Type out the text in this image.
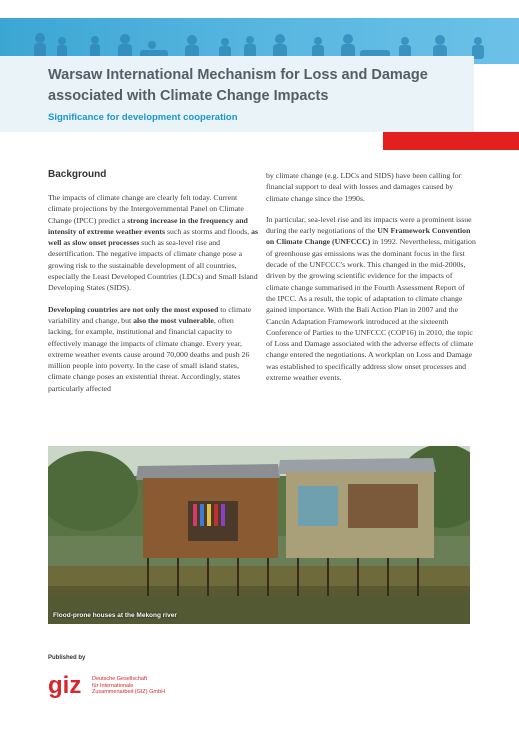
Warsaw International Mechanism for Loss and Damage associated with Climate Change Impacts

Significance for development cooperation

Background

The impacts of climate change are clearly felt today. Current climate projections by the Intergovernmental Panel on Climate Change (IPCC) predict a strong increase in the frequency and intensity of extreme weather events such as storms and floods, as well as slow onset processes such as sea-level rise and desertification. The negative impacts of climate change pose a growing risk to the sustainable development of all countries, especially the Least Developed Countries (LDCs) and Small Island Developing States (SIDS).

Developing countries are not only the most exposed to climate variability and change, but also the most vulnerable, often lacking, for example, institutional and financial capacity to effectively manage the impacts of climate change. Every year, extreme weather events cause around 70,000 deaths and push 26 million people into poverty. In the case of small island states, climate change poses an existential threat. Accordingly, states particularly affected

by climate change (e.g. LDCs and SIDS) have been calling for financial support to deal with losses and damages caused by climate change since the 1990s.

In particular, sea-level rise and its impacts were a prominent issue during the early negotiations of the UN Framework Convention on Climate Change (UNFCCC) in 1992. Nevertheless, mitigation of greenhouse gas emissions was the dominant focus in the first decade of the UNFCCC's work. This changed in the mid-2000s, driven by the growing scientific evidence for the impacts of climate change summarised in the Fourth Assessment Report of the IPCC. As a result, the topic of adaptation to climate change gained importance. With the Bali Action Plan in 2007 and the Cancún Adaptation Framework introduced at the sixteenth Conference of Parties to the UNFCCC (COP16) in 2010, the topic of Loss and Damage associated with the adverse effects of climate change entered the negotiations. A workplan on Loss and Damage was established to specifically address slow onset processes and extreme weather events.

Flood-prone houses at the Mekong river
Published by
giz Deutsche Gesellschaft
für Internationale
Zusammenarbeit (GIZ) GmbH
